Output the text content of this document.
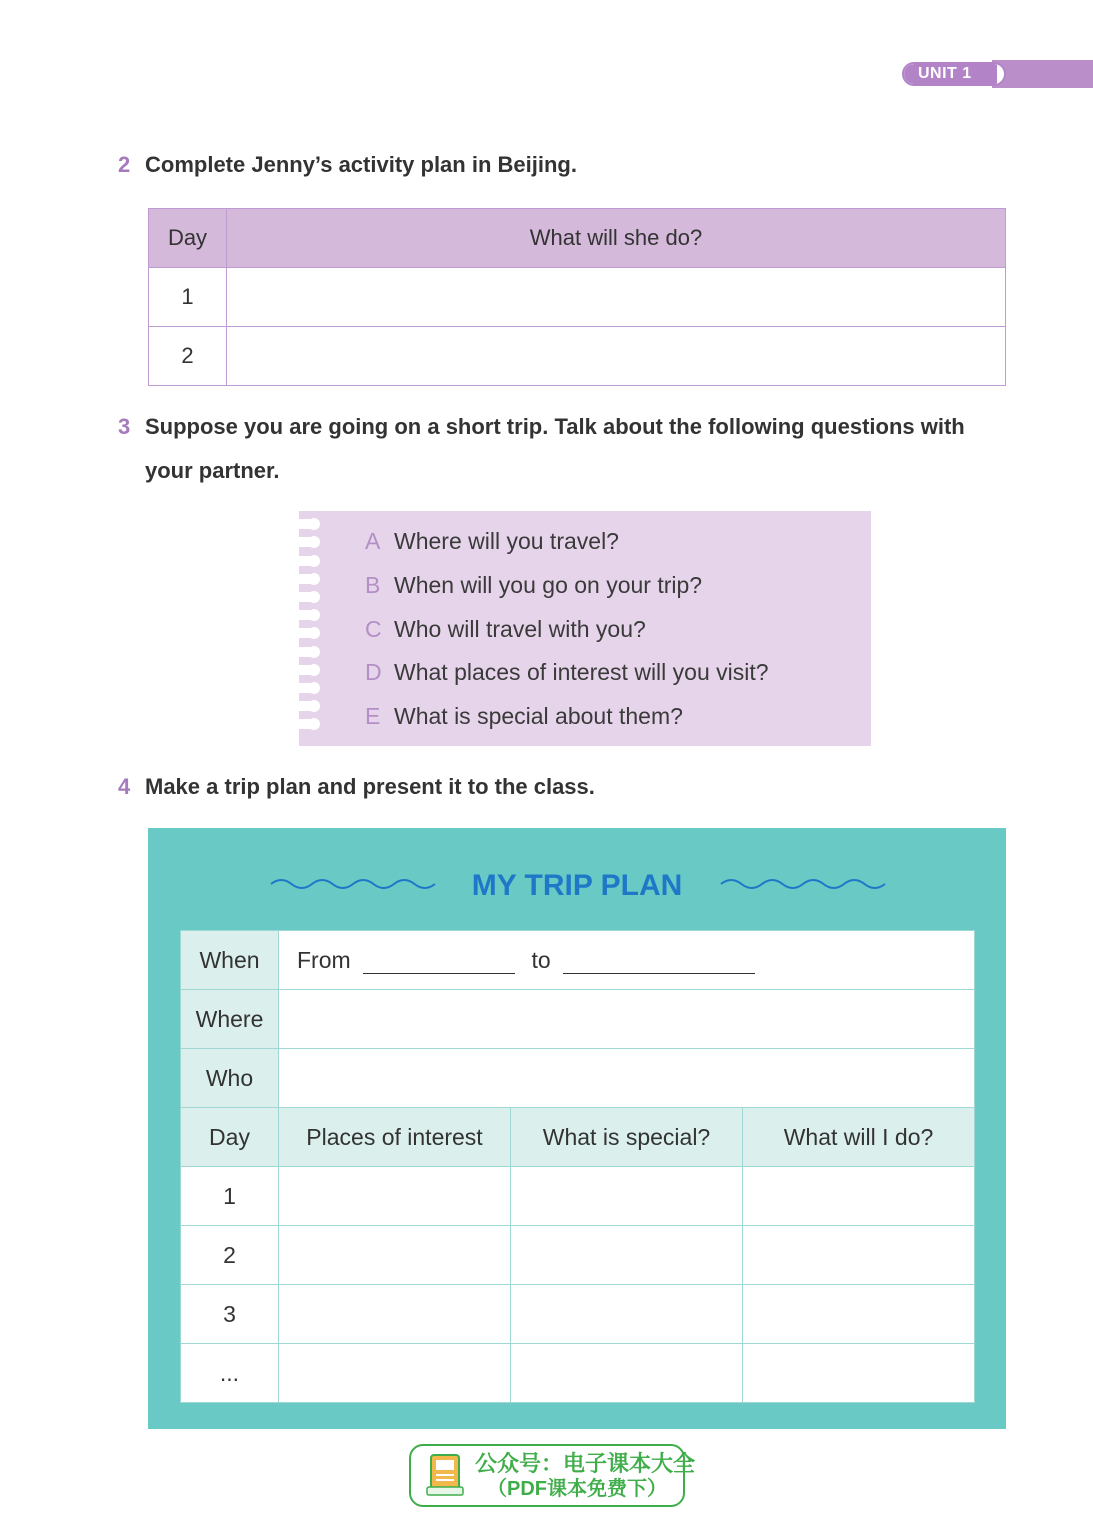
UNIT 1
2 Complete Jenny’s activity plan in Beijing.
Day	What will she do?
1	
2	
3 Suppose you are going on a short trip. Talk about the following questions with
your partner.
A Where will you travel?
B When will you go on your trip?
C Who will travel with you?
D What places of interest will you visit?
E What is special about them?
4 Make a trip plan and present it to the class.
MY TRIP PLAN
When	From to		
Where			
Who			
Day	Places of interest	What is special?	What will I do?
1			
2			
3			
...			
公众号：电子课本大全
（PDF课本免费下）
